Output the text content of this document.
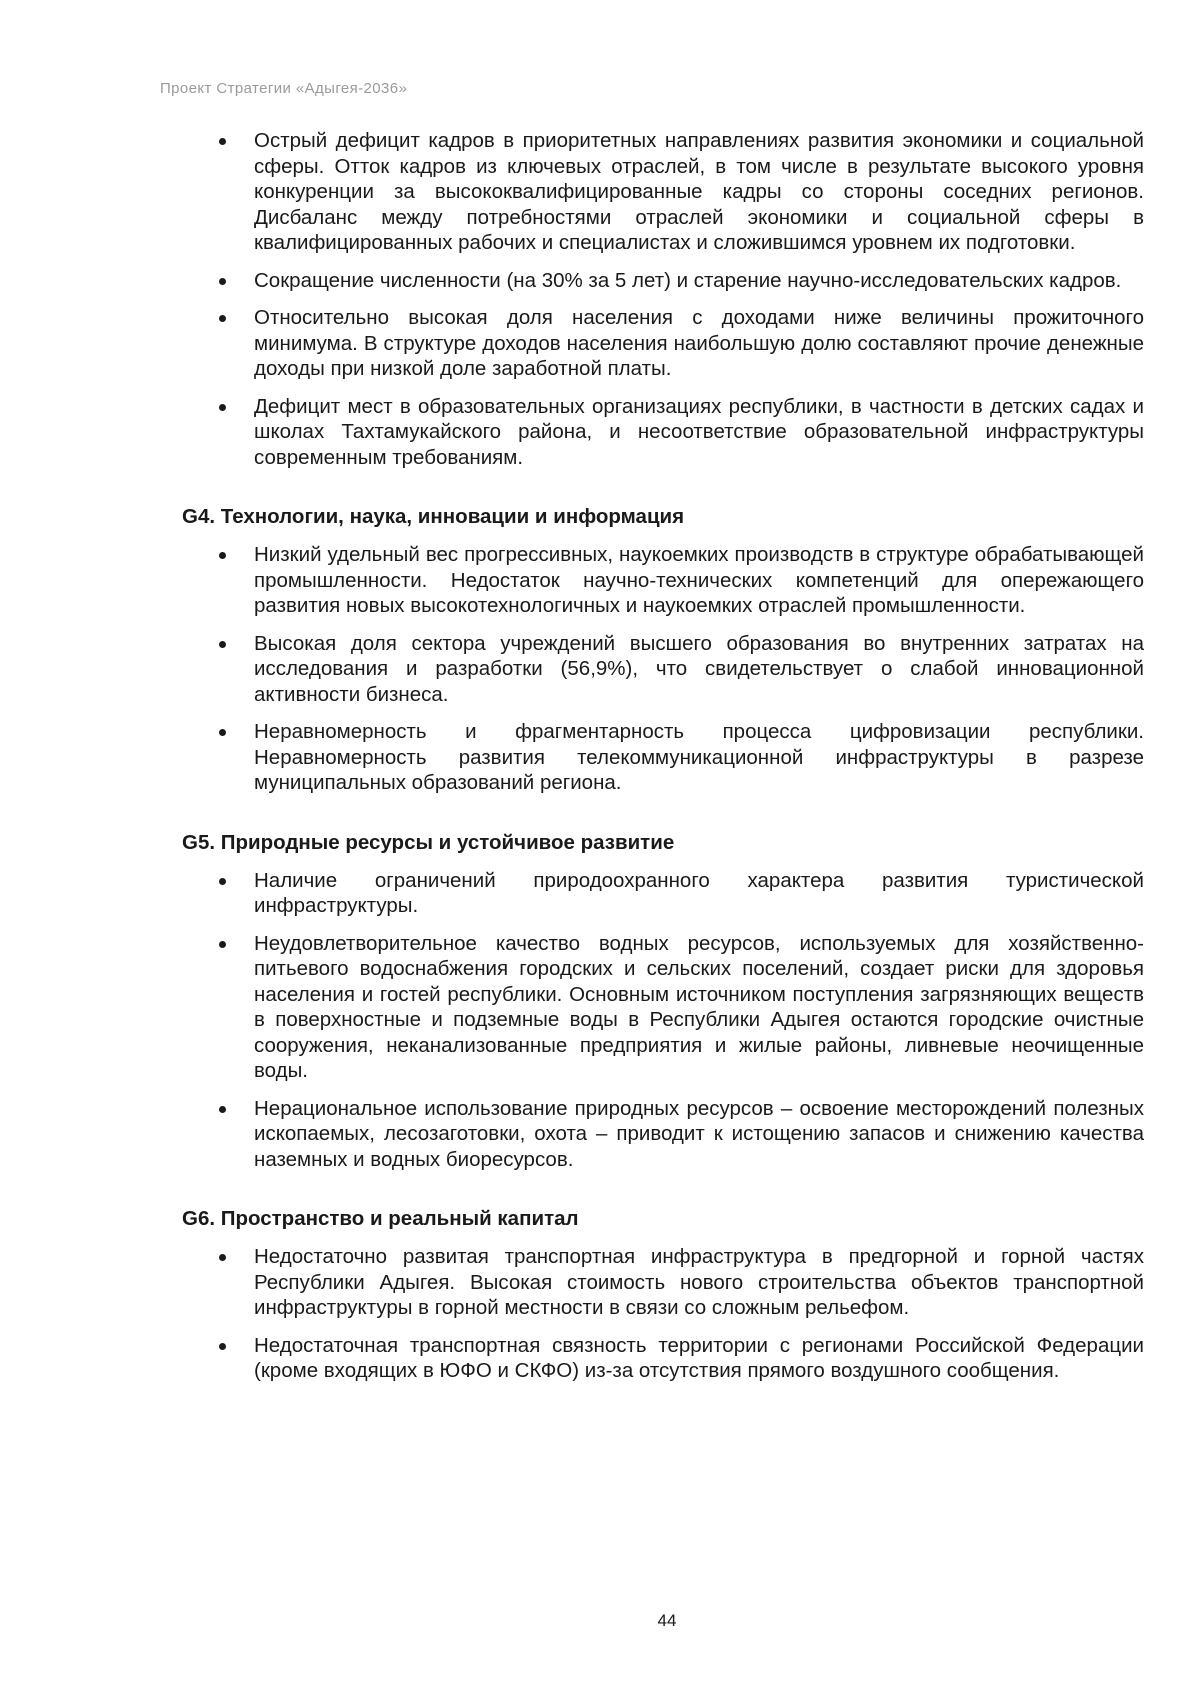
Проект Стратегии «Адыгея-2036»
Острый дефицит кадров в приоритетных направлениях развития экономики и социальной сферы. Отток кадров из ключевых отраслей, в том числе в результате высокого уровня конкуренции за высококвалифицированные кадры со стороны соседних регионов. Дисбаланс между потребностями отраслей экономики и социальной сферы в квалифицированных рабочих и специалистах и сложившимся уровнем их подготовки.
Сокращение численности (на 30% за 5 лет) и старение научно-исследовательских кадров.
Относительно высокая доля населения с доходами ниже величины прожиточного минимума. В структуре доходов населения наибольшую долю составляют прочие денежные доходы при низкой доле заработной платы.
Дефицит мест в образовательных организациях республики, в частности в детских садах и школах Тахтамукайского района, и несоответствие образовательной инфраструктуры современным требованиям.
G4. Технологии, наука, инновации и информация
Низкий удельный вес прогрессивных, наукоемких производств в структуре обрабатывающей промышленности. Недостаток научно-технических компетенций для опережающего развития новых высокотехнологичных и наукоемких отраслей промышленности.
Высокая доля сектора учреждений высшего образования во внутренних затратах на исследования и разработки (56,9%), что свидетельствует о слабой инновационной активности бизнеса.
Неравномерность и фрагментарность процесса цифровизации республики. Неравномерность развития телекоммуникационной инфраструктуры в разрезе муниципальных образований региона.
G5. Природные ресурсы и устойчивое развитие
Наличие ограничений природоохранного характера развития туристической инфраструктуры.
Неудовлетворительное качество водных ресурсов, используемых для хозяйственно-питьевого водоснабжения городских и сельских поселений, создает риски для здоровья населения и гостей республики. Основным источником поступления загрязняющих веществ в поверхностные и подземные воды в Республики Адыгея остаются городские очистные сооружения, неканализованные предприятия и жилые районы, ливневые неочищенные воды.
Нерациональное использование природных ресурсов – освоение месторождений полезных ископаемых, лесозаготовки, охота – приводит к истощению запасов и снижению качества наземных и водных биоресурсов.
G6. Пространство и реальный капитал
Недостаточно развитая транспортная инфраструктура в предгорной и горной частях Республики Адыгея. Высокая стоимость нового строительства объектов транспортной инфраструктуры в горной местности в связи со сложным рельефом.
Недостаточная транспортная связность территории с регионами Российской Федерации (кроме входящих в ЮФО и СКФО) из-за отсутствия прямого воздушного сообщения.
44
